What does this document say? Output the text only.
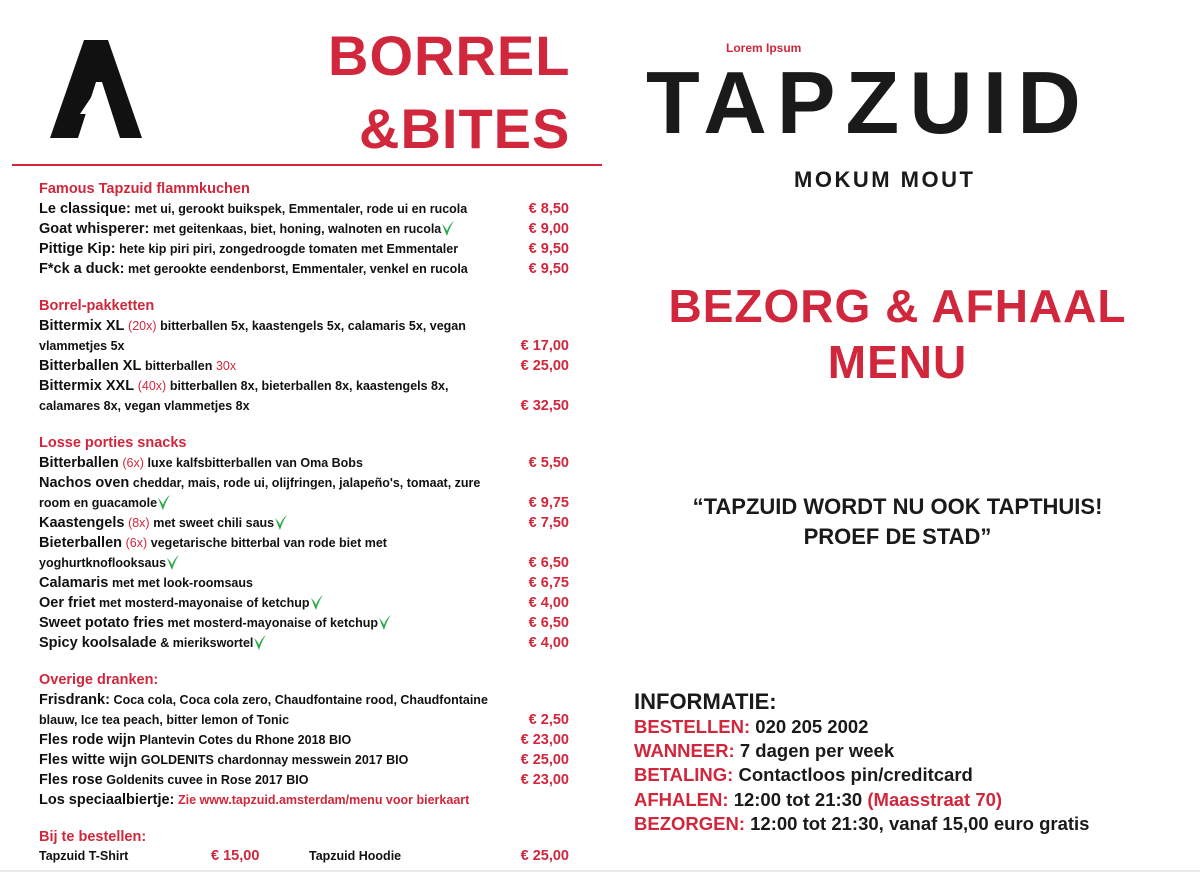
BORREL
&BITES
Famous Tapzuid flammkuchen
Le classique: met ui, gerookt buikspek, Emmentaler, rode ui en rucola	€ 8,50
Goat whisperer: met geitenkaas, biet, honing, walnoten en rucola	€ 9,00
Pittige Kip: hete kip piri piri, zongedroogde tomaten met Emmentaler	€ 9,50
F*ck a duck: met gerookte eendenborst, Emmentaler, venkel en rucola	€ 9,50
Borrel-pakketten
Bittermix XL (20x) bitterballen 5x, kaastengels 5x, calamaris 5x, vegan vlammetjes 5x	€ 17,00
Bitterballen XL bitterballen 30x	€ 25,00
Bittermix XXL (40x) bitterballen 8x, bieterballen 8x, kaastengels 8x, calamares 8x, vegan vlammetjes 8x	€ 32,50
Losse porties snacks
Bitterballen (6x) luxe kalfsbitterballen van Oma Bobs	€ 5,50
Nachos oven cheddar, mais, rode ui, olijfringen, jalapeño's, tomaat, zure room en guacamole	€ 9,75
Kaastengels (8x) met sweet chili saus	€ 7,50
Bieterballen (6x) vegetarische bitterbal van rode biet met yoghurtknoflooksaus	€ 6,50
Calamaris met met look-roomsaus	€ 6,75
Oer friet met mosterd-mayonaise of ketchup	€ 4,00
Sweet potato fries met mosterd-mayonaise of ketchup	€ 6,50
Spicy koolsalade & mierikswortel	€ 4,00
Overige dranken:
Frisdrank: Coca cola, Coca cola zero, Chaudfontaine rood, Chaudfontaine blauw, Ice tea peach, bitter lemon of Tonic	€ 2,50
Fles rode wijn Plantevin Cotes du Rhone 2018 BIO	€ 23,00
Fles witte wijn GOLDENITS chardonnay messwein 2017 BIO	€ 25,00
Fles rose Goldenits cuvee in Rose 2017 BIO	€ 23,00
Los speciaalbiertje: Zie www.tapzuid.amsterdam/menu voor bierkaart
Bij te bestellen:
Tapzuid T-Shirt	€ 15,00	Tapzuid Hoodie	€ 25,00
Lorem Ipsum
TAPZUID
MOKUM MOUT
BEZORG & AFHAAL
MENU
“TAPZUID WORDT NU OOK TAPTHUIS!
PROEF DE STAD”
INFORMATIE:
BESTELLEN: 020 205 2002
WANNEER: 7 dagen per week
BETALING: Contactloos pin/creditcard
AFHALEN: 12:00 tot 21:30 (Maasstraat 70)
BEZORGEN: 12:00 tot 21:30, vanaf 15,00 euro gratis
